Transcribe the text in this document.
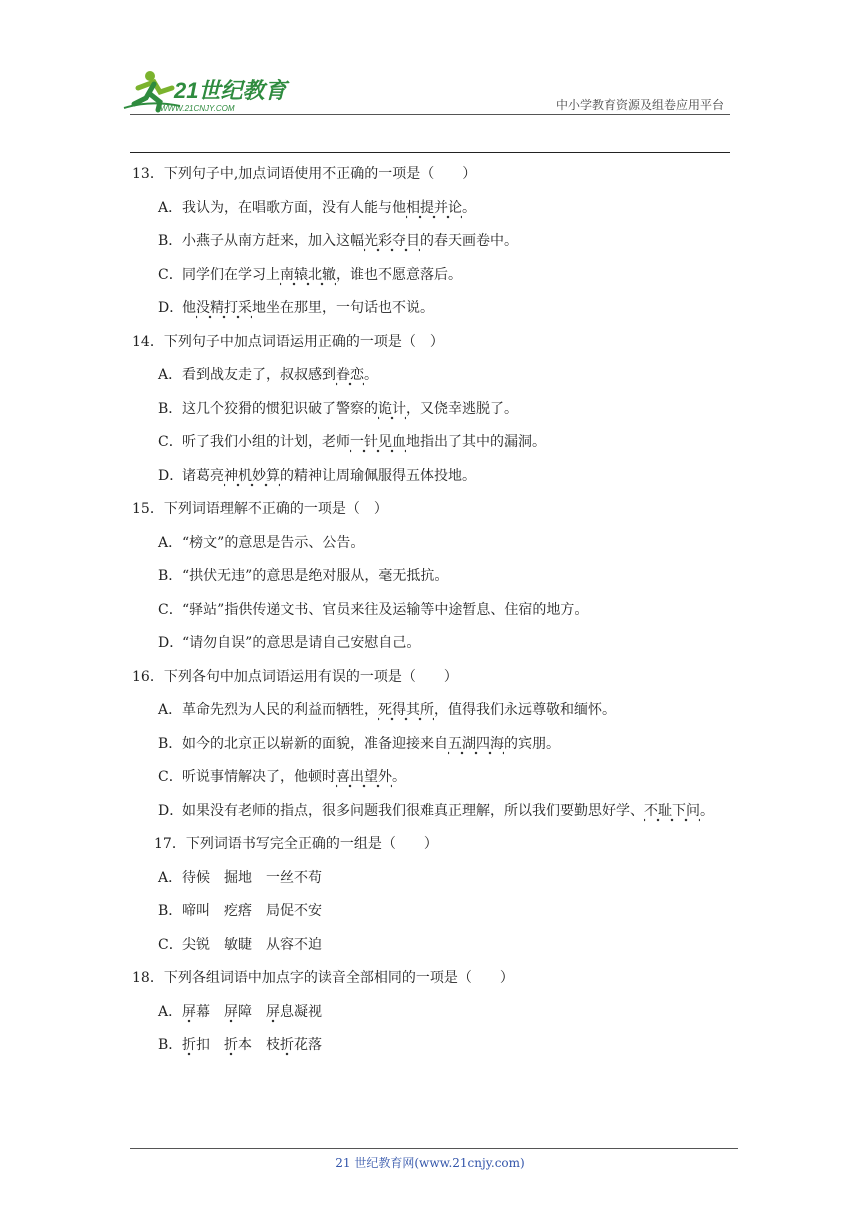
21世纪教育
WWW.21CNJY.COM	中小学教育资源及组卷应用平台
13．下列句子中,加点词语使用不正确的一项是（　　）
A．我认为，在唱歌方面，没有人能与他相提并论。
B．小燕子从南方赶来，加入这幅光彩夺目的春天画卷中。
C．同学们在学习上南辕北辙，谁也不愿意落后。
D．他没精打采地坐在那里，一句话也不说。
14．下列句子中加点词语运用正确的一项是（　）
A．看到战友走了，叔叔感到眷恋。
B．这几个狡猾的惯犯识破了警察的诡计，又侥幸逃脱了。
C．听了我们小组的计划，老师一针见血地指出了其中的漏洞。
D．诸葛亮神机妙算的精神让周瑜佩服得五体投地。
15．下列词语理解不正确的一项是（　）
A．“榜文”的意思是告示、公告。
B．“拱伏无违”的意思是绝对服从，毫无抵抗。
C．“驿站”指供传递文书、官员来往及运输等中途暂息、住宿的地方。
D．“请勿自误”的意思是请自己安慰自己。
16．下列各句中加点词语运用有误的一项是（　　）
A．革命先烈为人民的利益而牺牲，死得其所，值得我们永远尊敬和缅怀。
B．如今的北京正以崭新的面貌，准备迎接来自五湖四海的宾朋。
C．听说事情解决了，他顿时喜出望外。
D．如果没有老师的指点，很多问题我们很难真正理解，所以我们要勤思好学、不耻下问。
17．下列词语书写完全正确的一组是（　　）
A．待候　掘地　一丝不苟
B．啼叫　疙瘩　局促不安
C．尖锐　敏睫　从容不迫
18．下列各组词语中加点字的读音全部相同的一项是（　　）
A．屏幕　屏障　屏息凝视
B．折扣　折本　枝折花落
21 世纪教育网(www.21cnjy.com)
